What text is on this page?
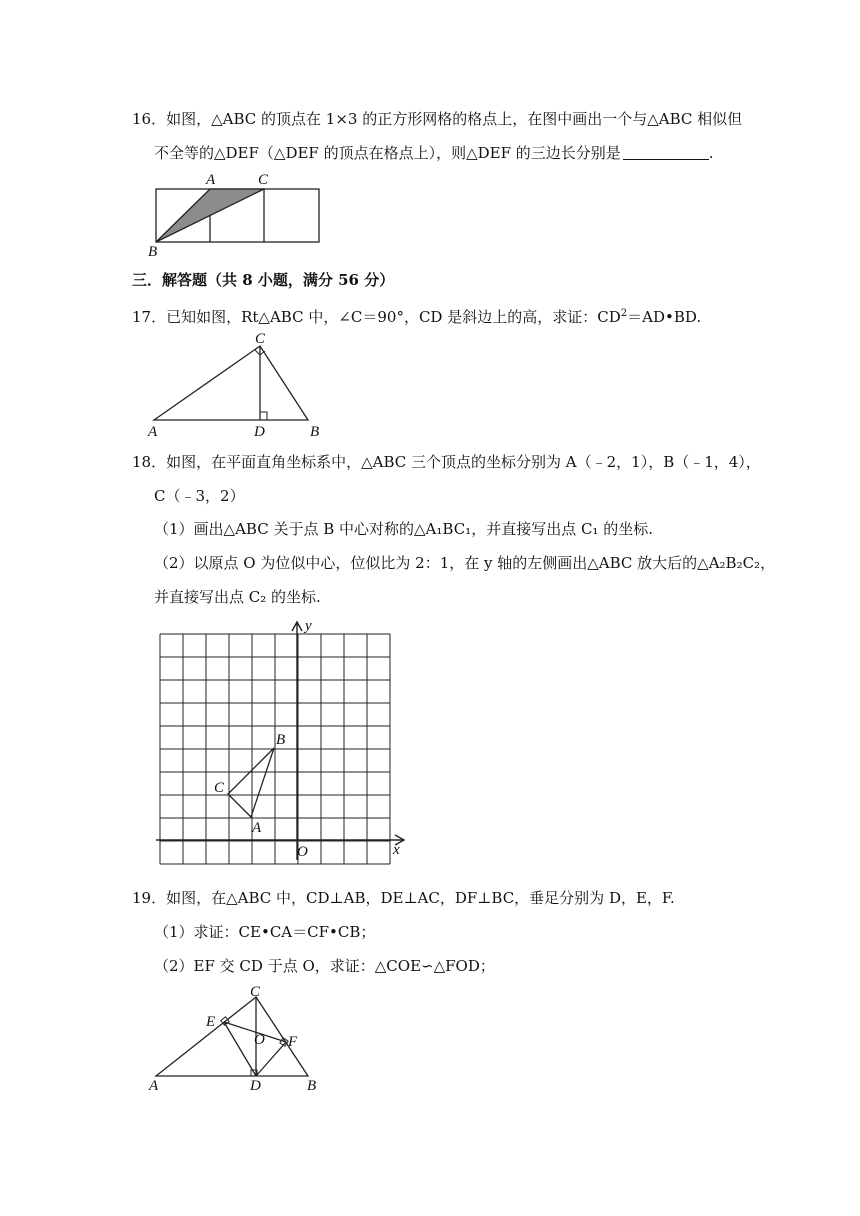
16．如图，△ABC 的顶点在 1×3 的正方形网格的格点上，在图中画出一个与△ABC 相似但
不全等的△DEF（△DEF 的顶点在格点上），则△DEF 的三边长分别是	.
A	C
B
三．解答题（共 8 小题，满分 56 分）
17．已知如图，Rt△ABC 中，∠C＝90°，CD 是斜边上的高，求证：$CD^2=AD•BD$.
C
A	D	B
18．如图，在平面直角坐标系中，△ABC 三个顶点的坐标分别为 A（﹣2，1），B（﹣1，4），
C（﹣3，2）
（1）画出△ABC 关于点 B 中心对称的△A₁BC₁，并直接写出点 C₁ 的坐标.
（2）以原点 O 为位似中心，位似比为 2：1，在 y 轴的左侧画出△ABC 放大后的△A₂B₂C₂，
并直接写出点 C₂ 的坐标.
y
x
O
B
C
A
19．如图，在△ABC 中，CD⊥AB，DE⊥AC，DF⊥BC，垂足分别为 D，E，F.
（1）求证：CE•CA＝CF•CB；
（2）EF 交 CD 于点 O，求证：△COE∽△FOD；
C
E
O F
A	D	B
